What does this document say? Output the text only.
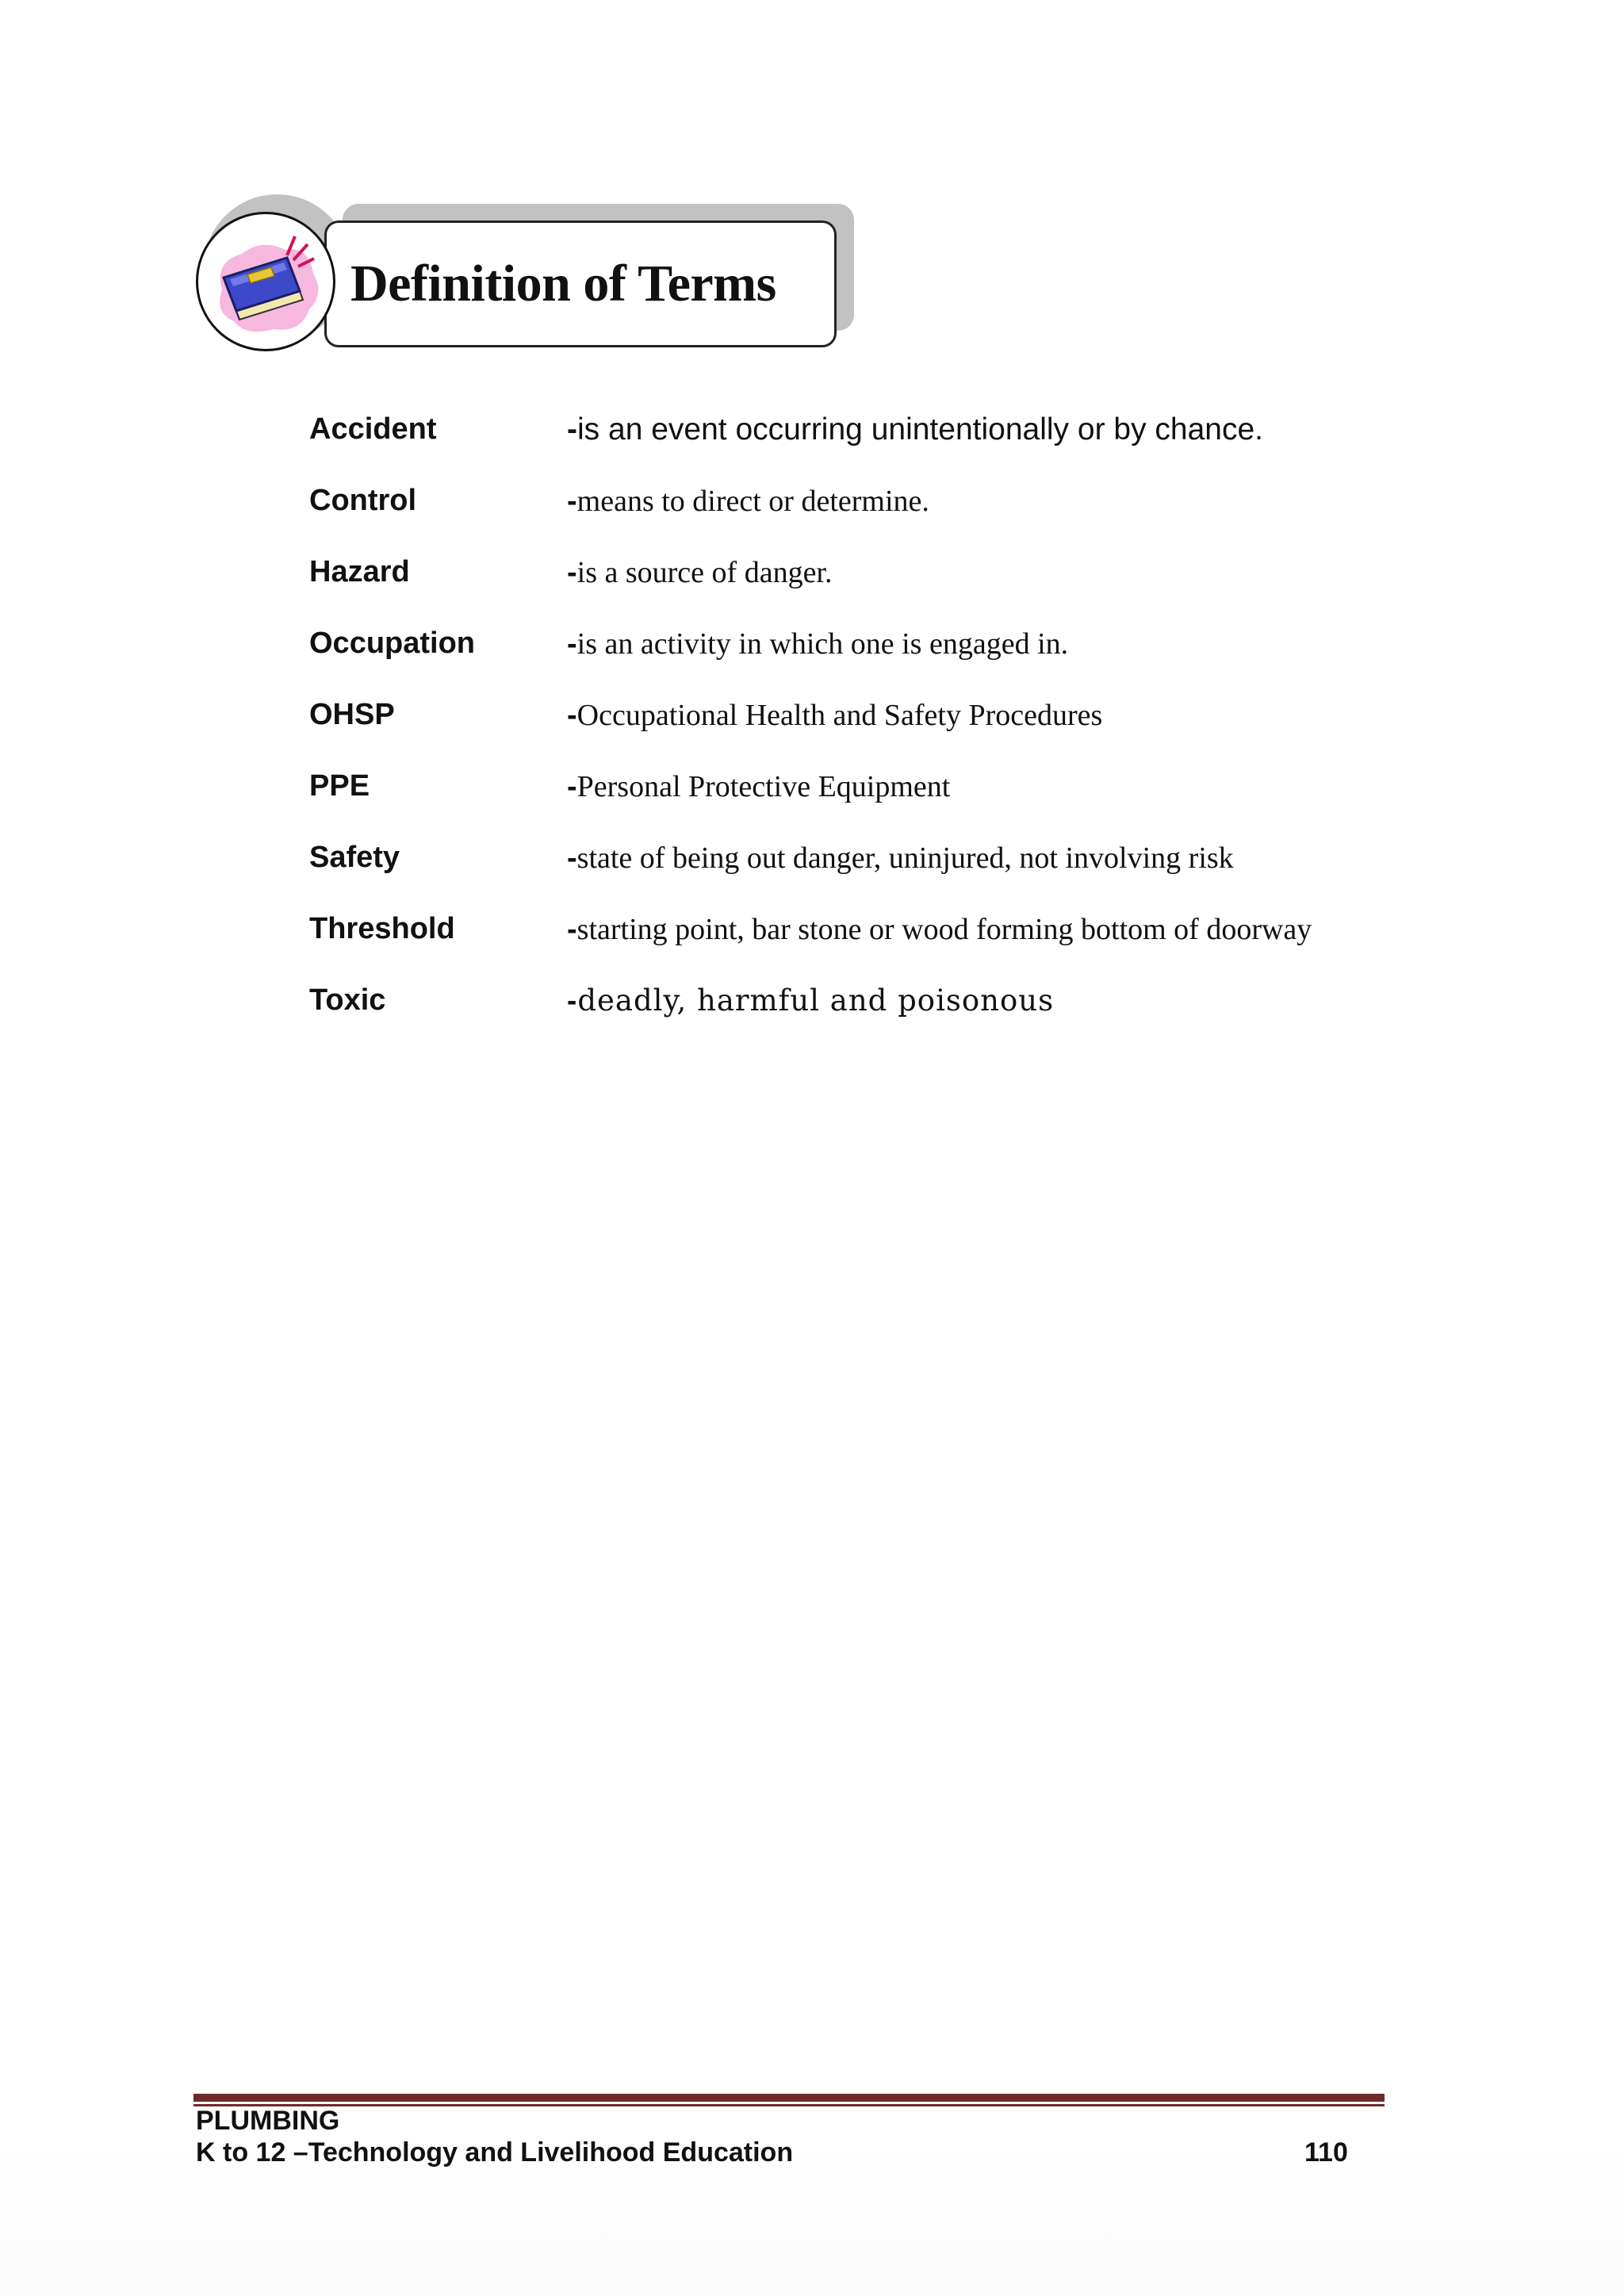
Definition of Terms
Accident	-is an event occurring unintentionally or by chance.
Control	-means to direct or determine.
Hazard	-is a source of danger.
Occupation	-is an activity in which one is engaged in.
OHSP	-Occupational Health and Safety Procedures
PPE	-Personal Protective Equipment
Safety	-state of being out danger, uninjured, not involving risk
Threshold	-starting point, bar stone or wood forming bottom of doorway
Toxic	-deadly, harmful and poisonous
PLUMBING
K to 12 –Technology and Livelihood Education	110
